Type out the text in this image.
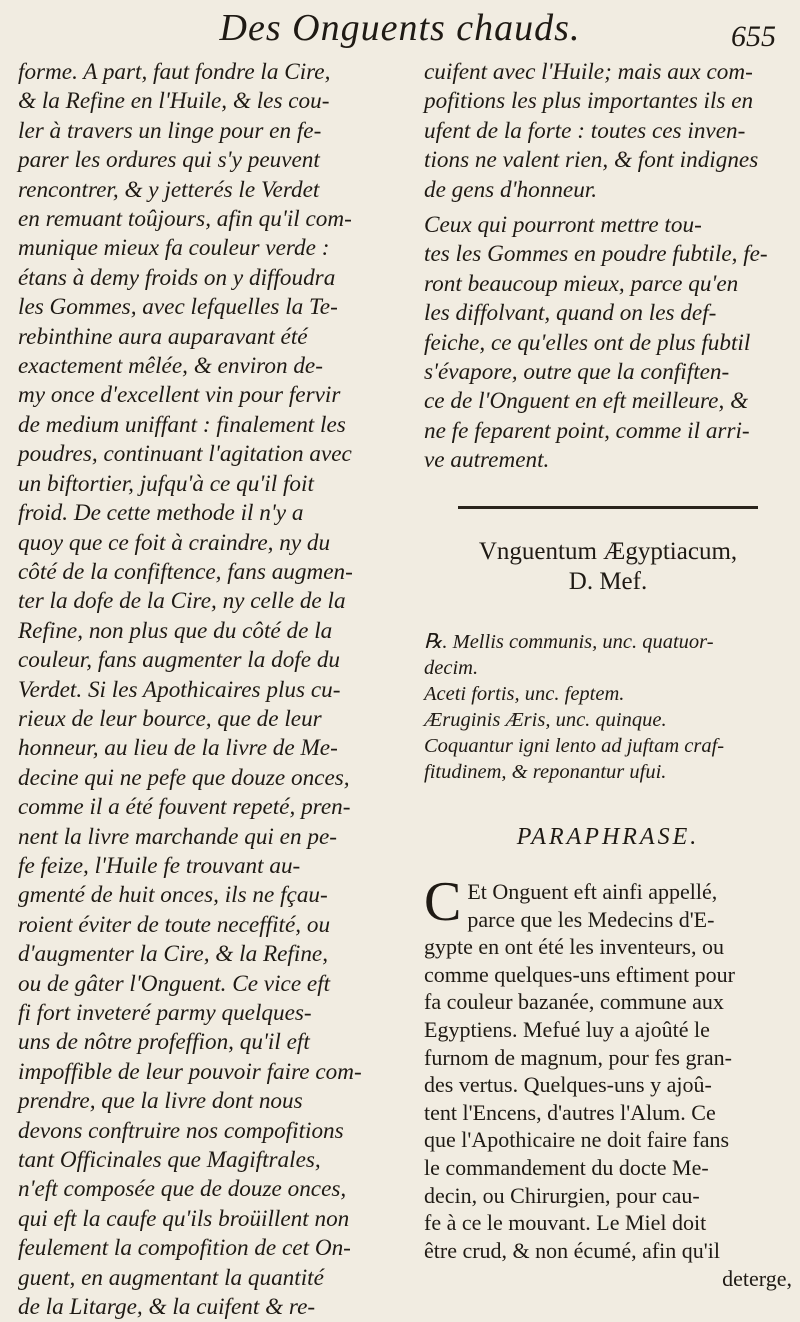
Des Onguents chauds.	655

forme. A part, faut fondre la Cire,

& la Refine en l'Huile, & les cou-

ler à travers un linge pour en fe-

parer les ordures qui s'y peuvent

rencontrer, & y jetterés le Verdet

en remuant toûjours, afin qu'il com-

munique mieux fa couleur verde :

étans à demy froids on y diffoudra

les Gommes, avec lefquelles la Te-

rebinthine aura auparavant été

exactement mêlée, & environ de-

my once d'excellent vin pour fervir

de medium uniffant : finalement les

poudres, continuant l'agitation avec

un biftortier, jufqu'à ce qu'il foit

froid. De cette methode il n'y a

quoy que ce foit à craindre, ny du

côté de la confiftence, fans augmen-

ter la dofe de la Cire, ny celle de la

Refine, non plus que du côté de la

couleur, fans augmenter la dofe du

Verdet. Si les Apothicaires plus cu-

rieux de leur bource, que de leur

honneur, au lieu de la livre de Me-

decine qui ne pefe que douze onces,

comme il a été fouvent repeté, pren-

nent la livre marchande qui en pe-

fe feize, l'Huile fe trouvant au-

gmenté de huit onces, ils ne fçau-

roient éviter de toute neceffité, ou

d'augmenter la Cire, & la Refine,

ou de gâter l'Onguent. Ce vice eft

fi fort inveteré parmy quelques-

uns de nôtre profeffion, qu'il eft

impoffible de leur pouvoir faire com-

prendre, que la livre dont nous

devons conftruire nos compofitions

tant Officinales que Magiftrales,

n'eft composée que de douze onces,

qui eft la caufe qu'ils broüillent non

feulement la compofition de cet On-

guent, en augmentant la quantité

de la Litarge, & la cuifent & re-

cuifent avec l'Huile; mais aux com-

pofitions les plus importantes ils en

ufent de la forte : toutes ces inven-

tions ne valent rien, & font indignes

de gens d'honneur.

Ceux qui pourront mettre tou-

tes les Gommes en poudre fubtile, fe-

ront beaucoup mieux, parce qu'en

les diffolvant, quand on les def-

feiche, ce qu'elles ont de plus fubtil

s'évapore, outre que la confiften-

ce de l'Onguent en eft meilleure, &

ne fe feparent point, comme il arri-

ve autrement.

Vnguentum Ægyptiacum,
D. Mef.

℞. Mellis communis, unc. quatuor-

decim.

Aceti fortis, unc. feptem.

Æruginis Æris, unc. quinque.

Coquantur igni lento ad juftam craf-

fitudinem, & reponantur ufui.

PARAPHRASE.
C Et Onguent eft ainfi appellé,

parce que les Medecins d'E-

gypte en ont été les inventeurs, ou

comme quelques-uns eftiment pour

fa couleur bazanée, commune aux

Egyptiens. Mefué luy a ajoûté le

furnom de magnum, pour fes gran-

des vertus. Quelques-uns y ajoû-

tent l'Encens, d'autres l'Alum. Ce

que l'Apothicaire ne doit faire fans

le commandement du docte Me-

decin, ou Chirurgien, pour cau-

fe à ce le mouvant. Le Miel doit

être crud, & non écumé, afin qu'il

deterge,
